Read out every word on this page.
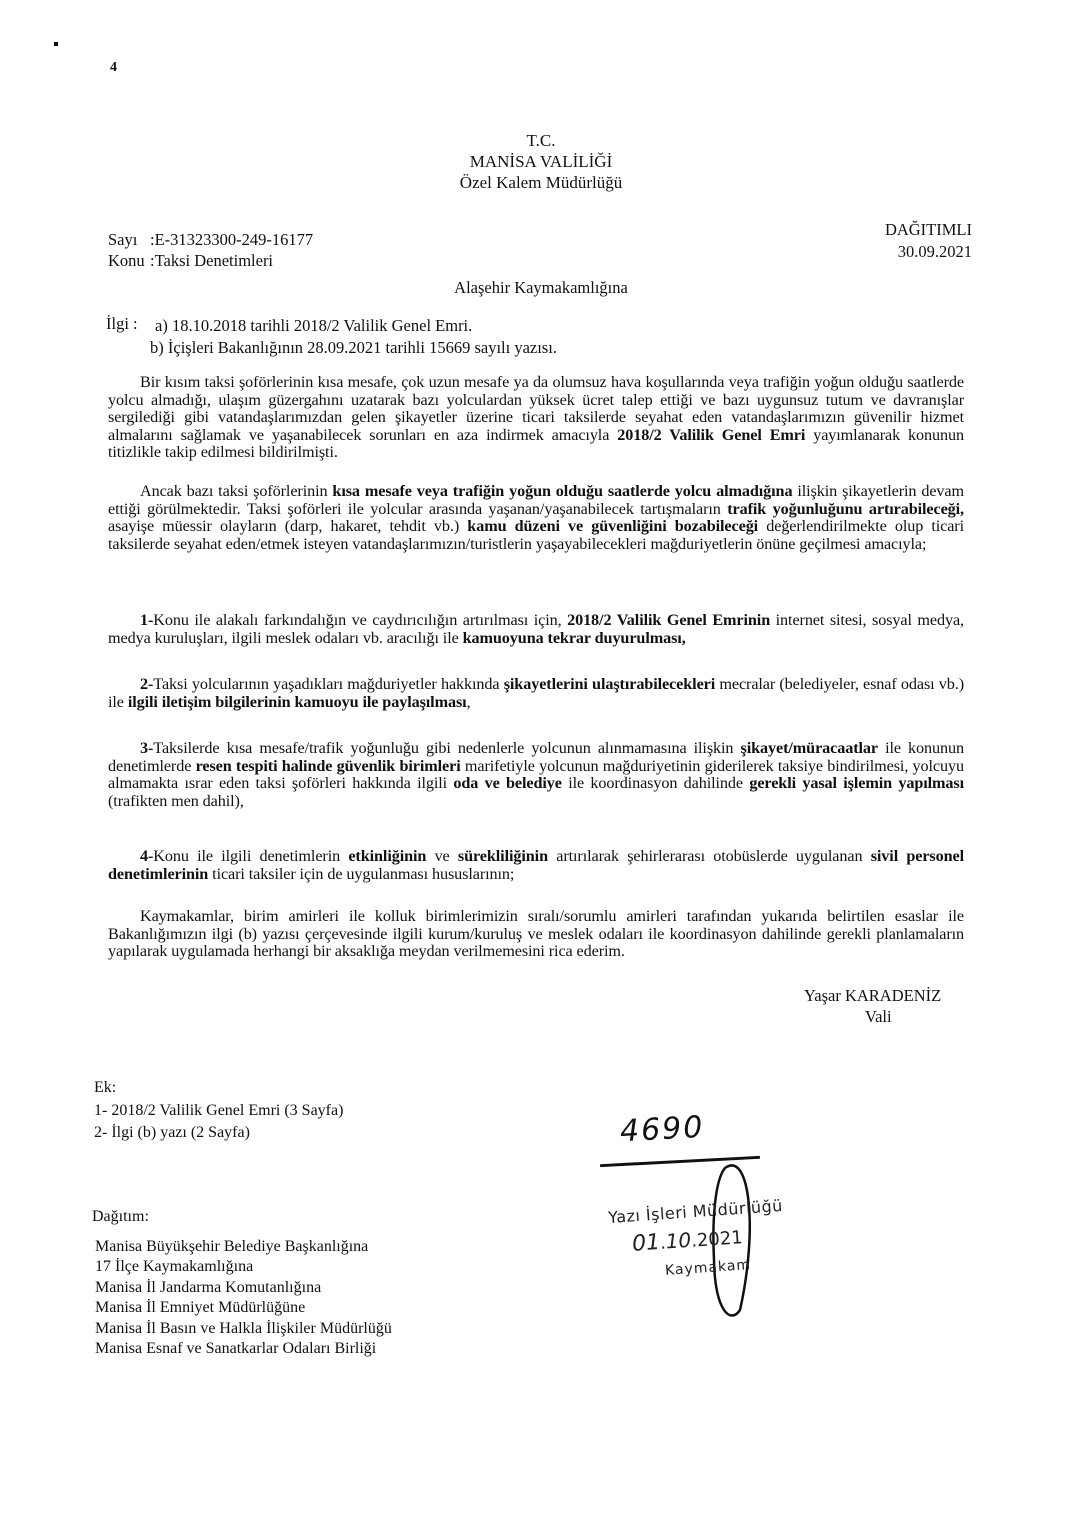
4
T.C.
MANİSA VALİLİĞİ
Özel Kalem Müdürlüğü
Sayı :E-31323300-249-16177
Konu :Taksi Denetimleri
DAĞITIMLI
30.09.2021
Alaşehir Kaymakamlığına
İlgi : a) 18.10.2018 tarihli 2018/2 Valilik Genel Emri.
b) İçişleri Bakanlığının 28.09.2021 tarihli 15669 sayılı yazısı.
Bir kısım taksi şoförlerinin kısa mesafe, çok uzun mesafe ya da olumsuz hava koşullarında veya trafiğin yoğun olduğu saatlerde yolcu almadığı, ulaşım güzergahını uzatarak bazı yolculardan yüksek ücret talep ettiği ve bazı uygunsuz tutum ve davranışlar sergilediği gibi vatandaşlarımızdan gelen şikayetler üzerine ticari taksilerde seyahat eden vatandaşlarımızın güvenilir hizmet almalarını sağlamak ve yaşanabilecek sorunları en aza indirmek amacıyla 2018/2 Valilik Genel Emri yayımlanarak konunun titizlikle takip edilmesi bildirilmişti.
Ancak bazı taksi şoförlerinin kısa mesafe veya trafiğin yoğun olduğu saatlerde yolcu almadığına ilişkin şikayetlerin devam ettiği görülmektedir. Taksi şoförleri ile yolcular arasında yaşanan/yaşanabilecek tartışmaların trafik yoğunluğunu artırabileceği, asayişe müessir olayların (darp, hakaret, tehdit vb.) kamu düzeni ve güvenliğini bozabileceği değerlendirilmekte olup ticari taksilerde seyahat eden/etmek isteyen vatandaşlarımızın/turistlerin yaşayabilecekleri mağduriyetlerin önüne geçilmesi amacıyla;
1-Konu ile alakalı farkındalığın ve caydırıcılığın artırılması için, 2018/2 Valilik Genel Emrinin internet sitesi, sosyal medya, medya kuruluşları, ilgili meslek odaları vb. aracılığı ile kamuoyuna tekrar duyurulması,
2-Taksi yolcularının yaşadıkları mağduriyetler hakkında şikayetlerini ulaştırabilecekleri mecralar (belediyeler, esnaf odası vb.) ile ilgili iletişim bilgilerinin kamuoyu ile paylaşılması,
3-Taksilerde kısa mesafe/trafik yoğunluğu gibi nedenlerle yolcunun alınmamasına ilişkin şikayet/müracaatlar ile konunun denetimlerde resen tespiti halinde güvenlik birimleri marifetiyle yolcunun mağduriyetinin giderilerek taksiye bindirilmesi, yolcuyu almamakta ısrar eden taksi şoförleri hakkında ilgili oda ve belediye ile koordinasyon dahilinde gerekli yasal işlemin yapılması (trafikten men dahil),
4-Konu ile ilgili denetimlerin etkinliğinin ve sürekliliğinin artırılarak şehirlerarası otobüslerde uygulanan sivil personel denetimlerinin ticari taksiler için de uygulanması hususlarının;
Kaymakamlar, birim amirleri ile kolluk birimlerimizin sıralı/sorumlu amirleri tarafından yukarıda belirtilen esaslar ile Bakanlığımızın ilgi (b) yazısı çerçevesinde ilgili kurum/kuruluş ve meslek odaları ile koordinasyon dahilinde gerekli planlamaların yapılarak uygulamada herhangi bir aksaklığa meydan verilmemesini rica ederim.
Yaşar KARADENİZ
Vali
Ek:
1- 2018/2 Valilik Genel Emri (3 Sayfa)
2- İlgi (b) yazı (2 Sayfa)
Dağıtım:
Manisa Büyükşehir Belediye Başkanlığına
17 İlçe Kaymakamlığına
Manisa İl Jandarma Komutanlığına
Manisa İl Emniyet Müdürlüğüne
Manisa İl Basın ve Halkla İlişkiler Müdürlüğü
Manisa Esnaf ve Sanatkarlar Odaları Birliği
4690
Yazı İşleri Müdürlüğü
01.10.2021
Kaymakam
